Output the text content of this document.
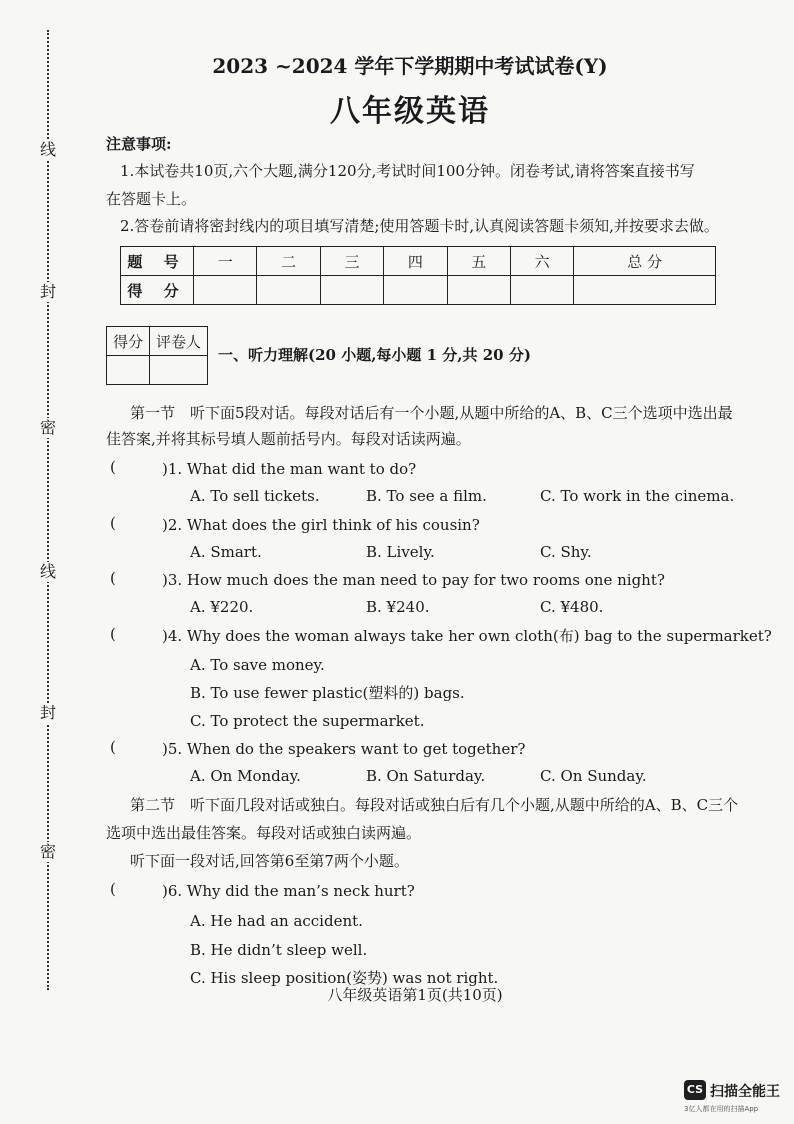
线
封
密
线
封
密
2023 ~2024 学年下学期期中考试试卷(Y)
八年级英语
注意事项:
1.本试卷共10页,六个大题,满分120分,考试时间100分钟。闭卷考试,请将答案直接书写
在答题卡上。
2.答卷前请将密封线内的项目填写清楚;使用答题卡时,认真阅读答题卡须知,并按要求去做。
题 号	一	二	三	四	五	六	总 分
得 分							
得分	评卷人

一、听力理解(20 小题,每小题 1 分,共 20 分)
第一节　听下面5段对话。每段对话后有一个小题,从题中所给的A、B、C三个选项中选出最
佳答案,并将其标号填人题前括号内。每段对话读两遍。
(	)1. What did the man want to do?
A. To sell tickets.	B. To see a film.	C. To work in the cinema.
(	)2. What does the girl think of his cousin?
A. Smart.	B. Lively.	C. Shy.
(	)3. How much does the man need to pay for two rooms one night?
A. ¥220.	B. ¥240.	C. ¥480.
(	)4. Why does the woman always take her own cloth(布) bag to the supermarket?
A. To save money.
B. To use fewer plastic(塑料的) bags.
C. To protect the supermarket.
(	)5. When do the speakers want to get together?
A. On Monday.	B. On Saturday.	C. On Sunday.
第二节　听下面几段对话或独白。每段对话或独白后有几个小题,从题中所给的A、B、C三个
选项中选出最佳答案。每段对话或独白读两遍。
听下面一段对话,回答第6至第7两个小题。
(	)6. Why did the man’s neck hurt?
A. He had an accident.
B. He didn’t sleep well.
C. His sleep position(姿势) was not right.
八年级英语第1页(共10页)
CS 扫描全能王
3亿人都在用的扫描App
